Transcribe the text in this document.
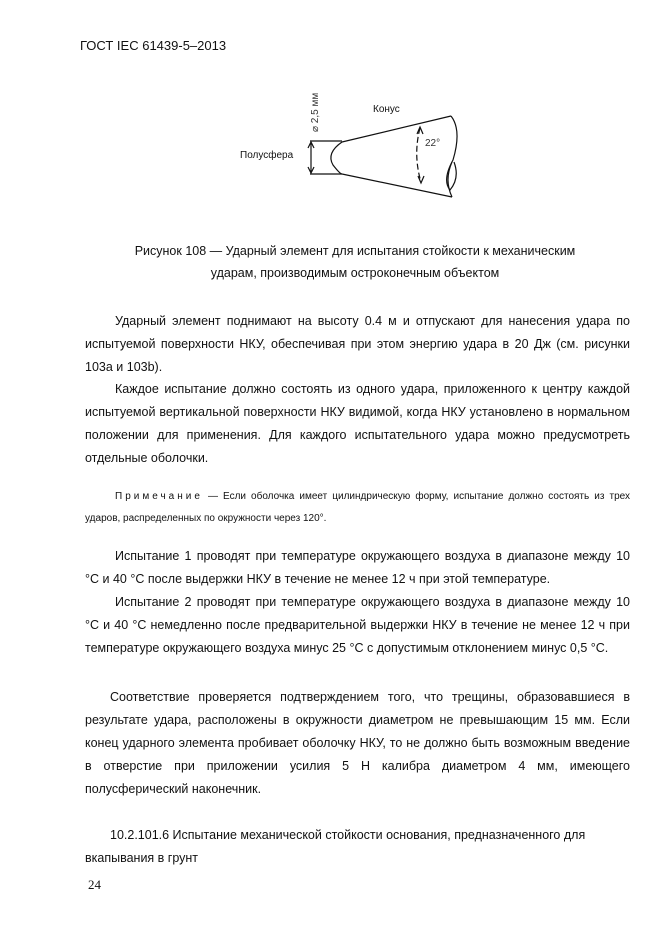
ГОСТ IEC 61439-5–2013
Полусфера
Конус
22°
⌀ 2,5 мм
Рисунок 108 — Ударный элемент для испытания стойкости к механическим
ударам, производимым остроконечным объектом

Ударный элемент поднимают на высоту 0.4 м и отпускают для нанесения удара по испытуемой поверхности НКУ, обеспечивая при этом энергию удара в 20 Дж (см. рисунки 103a и 103b).

Каждое испытание должно состоять из одного удара, приложенного к центру каждой испытуемой вертикальной поверхности НКУ видимой, когда НКУ установлено в нормальном положении для применения. Для каждого испытательного удара можно предусмотреть отдельные оболочки.

Примечание — Если оболочка имеет цилиндрическую форму, испытание должно состоять из трех ударов, распределенных по окружности через 120°.

Испытание 1 проводят при температуре окружающего воздуха в диапазоне между 10 °С и 40 °С после выдержки НКУ в течение не менее 12 ч при этой температуре.

Испытание 2 проводят при температуре окружающего воздуха в диапазоне между 10 °С и 40 °С немедленно после предварительной выдержки НКУ в течение не менее 12 ч при температуре окружающего воздуха минус 25 °С с допустимым отклонением минус 0,5 °С.

Соответствие проверяется подтверждением того, что трещины, образовавшиеся в результате удара, расположены в окружности диаметром не превышающим 15 мм. Если конец ударного элемента пробивает оболочку НКУ, то не должно быть возможным введение в отверстие при приложении усилия 5 Н калибра диаметром 4 мм, имеющего полусферический наконечник.

10.2.101.6 Испытание механической стойкости основания, предназначенного для вкапывания в грунт

24
